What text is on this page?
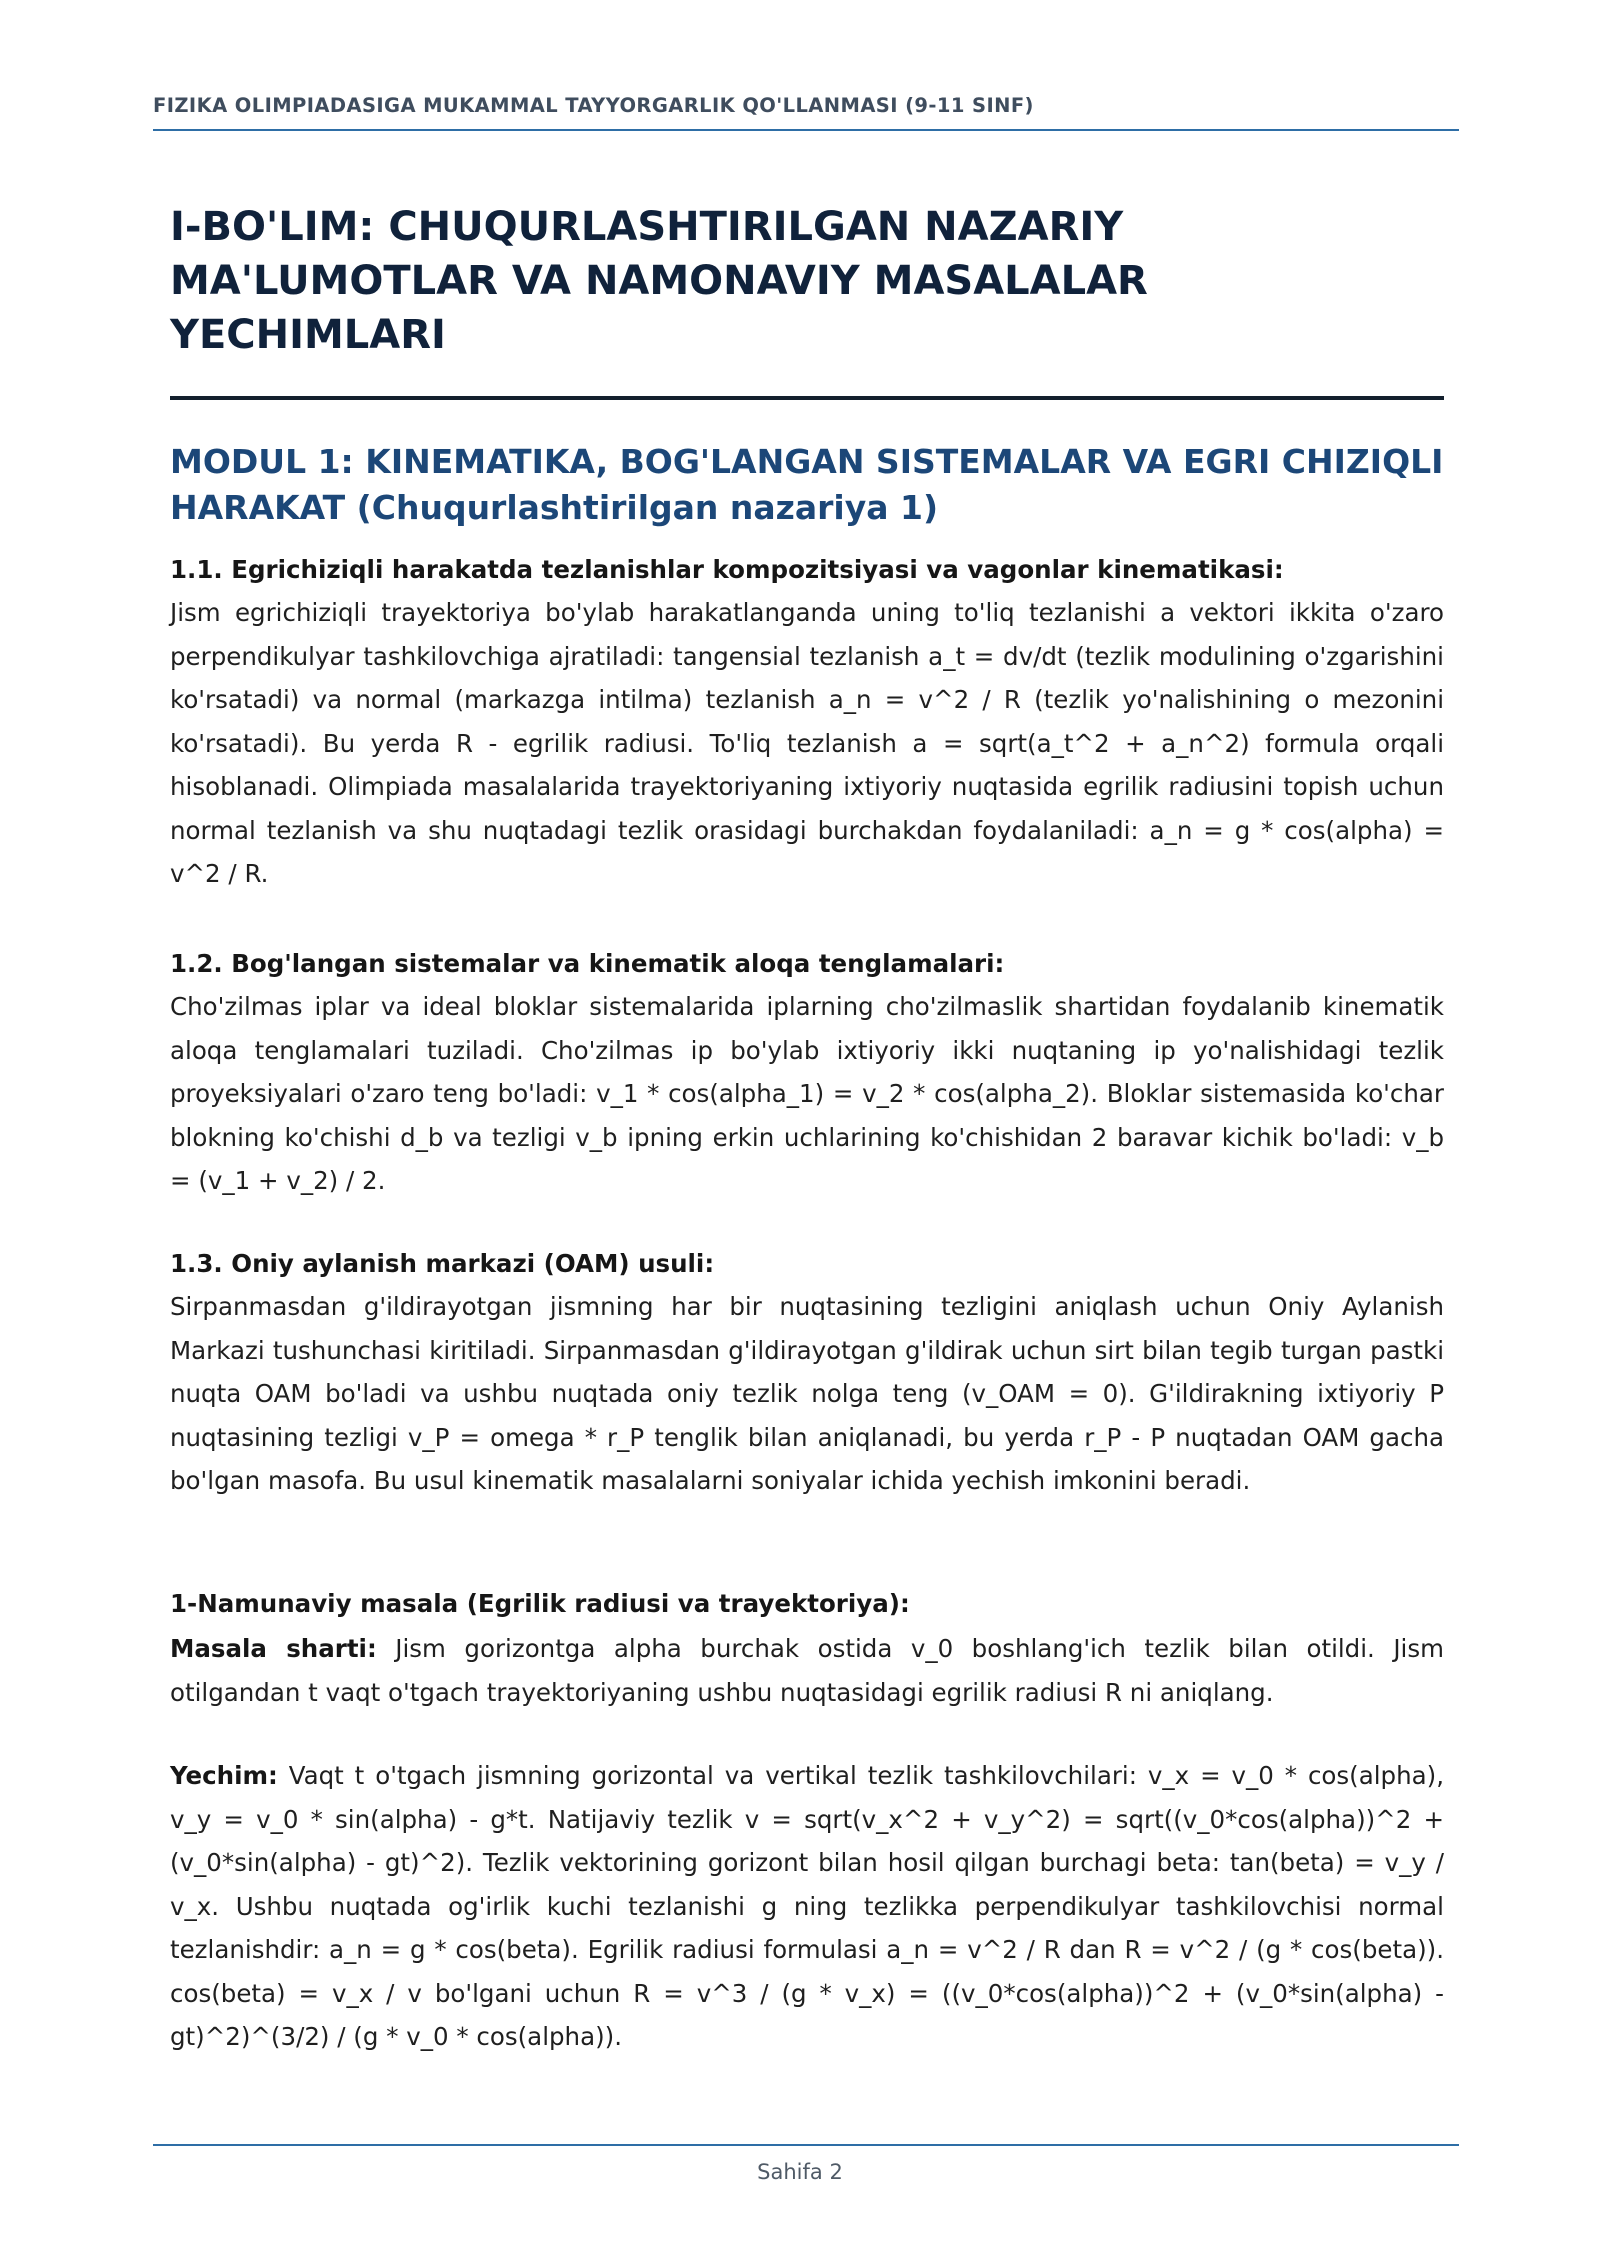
FIZIKA OLIMPIADASIGA MUKAMMAL TAYYORGARLIK QO'LLANMASI (9-11 SINF)
I-BO'LIM: CHUQURLASHTIRILGAN NAZARIY
MA'LUMOTLAR VA NAMONAVIY MASALALAR
YECHIMLARI
MODUL 1: KINEMATIKA, BOG'LANGAN SISTEMALAR VA EGRI CHIZIQLI HARAKAT (Chuqurlashtirilgan nazariya 1)
1.1. Egrichiziqli harakatda tezlanishlar kompozitsiyasi va vagonlar kinematikasi:

Jism egrichiziqli trayektoriya bo'ylab harakatlanganda uning to'liq tezlanishi a vektori ikkita o'zaro perpendikulyar tashkilovchiga ajratiladi: tangensial tezlanish a_t = dv/dt (tezlik modulining o'zgarishini ko'rsatadi) va normal (markazga intilma) tezlanish a_n = v^2 / R (tezlik yo'nalishining o mezonini ko'rsatadi). Bu yerda R - egrilik radiusi. To'liq tezlanish a = sqrt(a_t^2 + a_n^2) formula orqali hisoblanadi. Olimpiada masalalarida trayektoriyaning ixtiyoriy nuqtasida egrilik radiusini topish uchun normal tezlanish va shu nuqtadagi tezlik orasidagi burchakdan foydalaniladi: a_n = g * cos(alpha) = v^2 / R.

1.2. Bog'langan sistemalar va kinematik aloqa tenglamalari:

Cho'zilmas iplar va ideal bloklar sistemalarida iplarning cho'zilmaslik shartidan foydalanib kinematik aloqa tenglamalari tuziladi. Cho'zilmas ip bo'ylab ixtiyoriy ikki nuqtaning ip yo'nalishidagi tezlik proyeksiyalari o'zaro teng bo'ladi: v_1 * cos(alpha_1) = v_2 * cos(alpha_2). Bloklar sistemasida ko'char blokning ko'chishi d_b va tezligi v_b ipning erkin uchlarining ko'chishidan 2 baravar kichik bo'ladi: v_b = (v_1 + v_2) / 2.

1.3. Oniy aylanish markazi (OAM) usuli:

Sirpanmasdan g'ildirayotgan jismning har bir nuqtasining tezligini aniqlash uchun Oniy Aylanish Markazi tushunchasi kiritiladi. Sirpanmasdan g'ildirayotgan g'ildirak uchun sirt bilan tegib turgan pastki nuqta OAM bo'ladi va ushbu nuqtada oniy tezlik nolga teng (v_OAM = 0). G'ildirakning ixtiyoriy P nuqtasining tezligi v_P = omega * r_P tenglik bilan aniqlanadi, bu yerda r_P - P nuqtadan OAM gacha bo'lgan masofa. Bu usul kinematik masalalarni soniyalar ichida yechish imkonini beradi.

1-Namunaviy masala (Egrilik radiusi va trayektoriya):

Masala sharti: Jism gorizontga alpha burchak ostida v_0 boshlang'ich tezlik bilan otildi. Jism otilgandan t vaqt o'tgach trayektoriyaning ushbu nuqtasidagi egrilik radiusi R ni aniqlang.

Yechim: Vaqt t o'tgach jismning gorizontal va vertikal tezlik tashkilovchilari: v_x = v_0 * cos(alpha), v_y = v_0 * sin(alpha) - g*t. Natijaviy tezlik v = sqrt(v_x^2 + v_y^2) = sqrt((v_0*cos(alpha))^2 + (v_0*sin(alpha) - gt)^2). Tezlik vektorining gorizont bilan hosil qilgan burchagi beta: tan(beta) = v_y / v_x. Ushbu nuqtada og'irlik kuchi tezlanishi g ning tezlikka perpendikulyar tashkilovchisi normal tezlanishdir: a_n = g * cos(beta). Egrilik radiusi formulasi a_n = v^2 / R dan R = v^2 / (g * cos(beta)). cos(beta) = v_x / v bo'lgani uchun R = v^3 / (g * v_x) = ((v_0*cos(alpha))^2 + (v_0*sin(alpha) - gt)^2)^(3/2) / (g * v_0 * cos(alpha)).

Sahifa 2
